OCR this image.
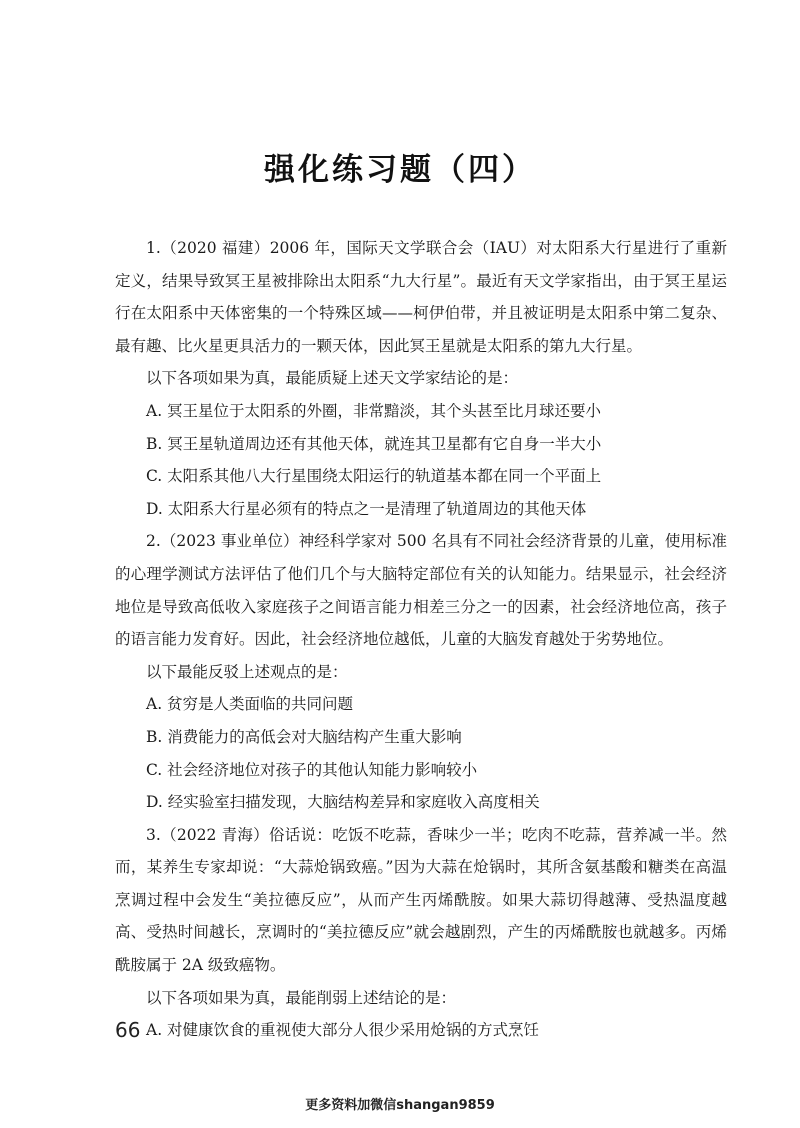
强化练习题（四）

1.（2020 福建）2006 年，国际天文学联合会（IAU）对太阳系大行星进行了重新定义，结果导致冥王星被排除出太阳系“九大行星”。最近有天文学家指出，由于冥王星运行在太阳系中天体密集的一个特殊区域——柯伊伯带，并且被证明是太阳系中第二复杂、最有趣、比火星更具活力的一颗天体，因此冥王星就是太阳系的第九大行星。

以下各项如果为真，最能质疑上述天文学家结论的是：

A. 冥王星位于太阳系的外圈，非常黯淡，其个头甚至比月球还要小

B. 冥王星轨道周边还有其他天体，就连其卫星都有它自身一半大小

C. 太阳系其他八大行星围绕太阳运行的轨道基本都在同一个平面上

D. 太阳系大行星必须有的特点之一是清理了轨道周边的其他天体

2.（2023 事业单位）神经科学家对 500 名具有不同社会经济背景的儿童，使用标准的心理学测试方法评估了他们几个与大脑特定部位有关的认知能力。结果显示，社会经济地位是导致高低收入家庭孩子之间语言能力相差三分之一的因素，社会经济地位高，孩子的语言能力发育好。因此，社会经济地位越低，儿童的大脑发育越处于劣势地位。

以下最能反驳上述观点的是：

A. 贫穷是人类面临的共同问题

B. 消费能力的高低会对大脑结构产生重大影响

C. 社会经济地位对孩子的其他认知能力影响较小

D. 经实验室扫描发现，大脑结构差异和家庭收入高度相关

3.（2022 青海）俗话说：吃饭不吃蒜，香味少一半；吃肉不吃蒜，营养减一半。然而，某养生专家却说：“大蒜炝锅致癌。”因为大蒜在炝锅时，其所含氨基酸和糖类在高温烹调过程中会发生“美拉德反应”，从而产生丙烯酰胺。如果大蒜切得越薄、受热温度越高、受热时间越长，烹调时的“美拉德反应”就会越剧烈，产生的丙烯酰胺也就越多。丙烯酰胺属于 2A 级致癌物。

以下各项如果为真，最能削弱上述结论的是：

A. 对健康饮食的重视使大部分人很少采用炝锅的方式烹饪

66
更多资料加微信shangan9859
